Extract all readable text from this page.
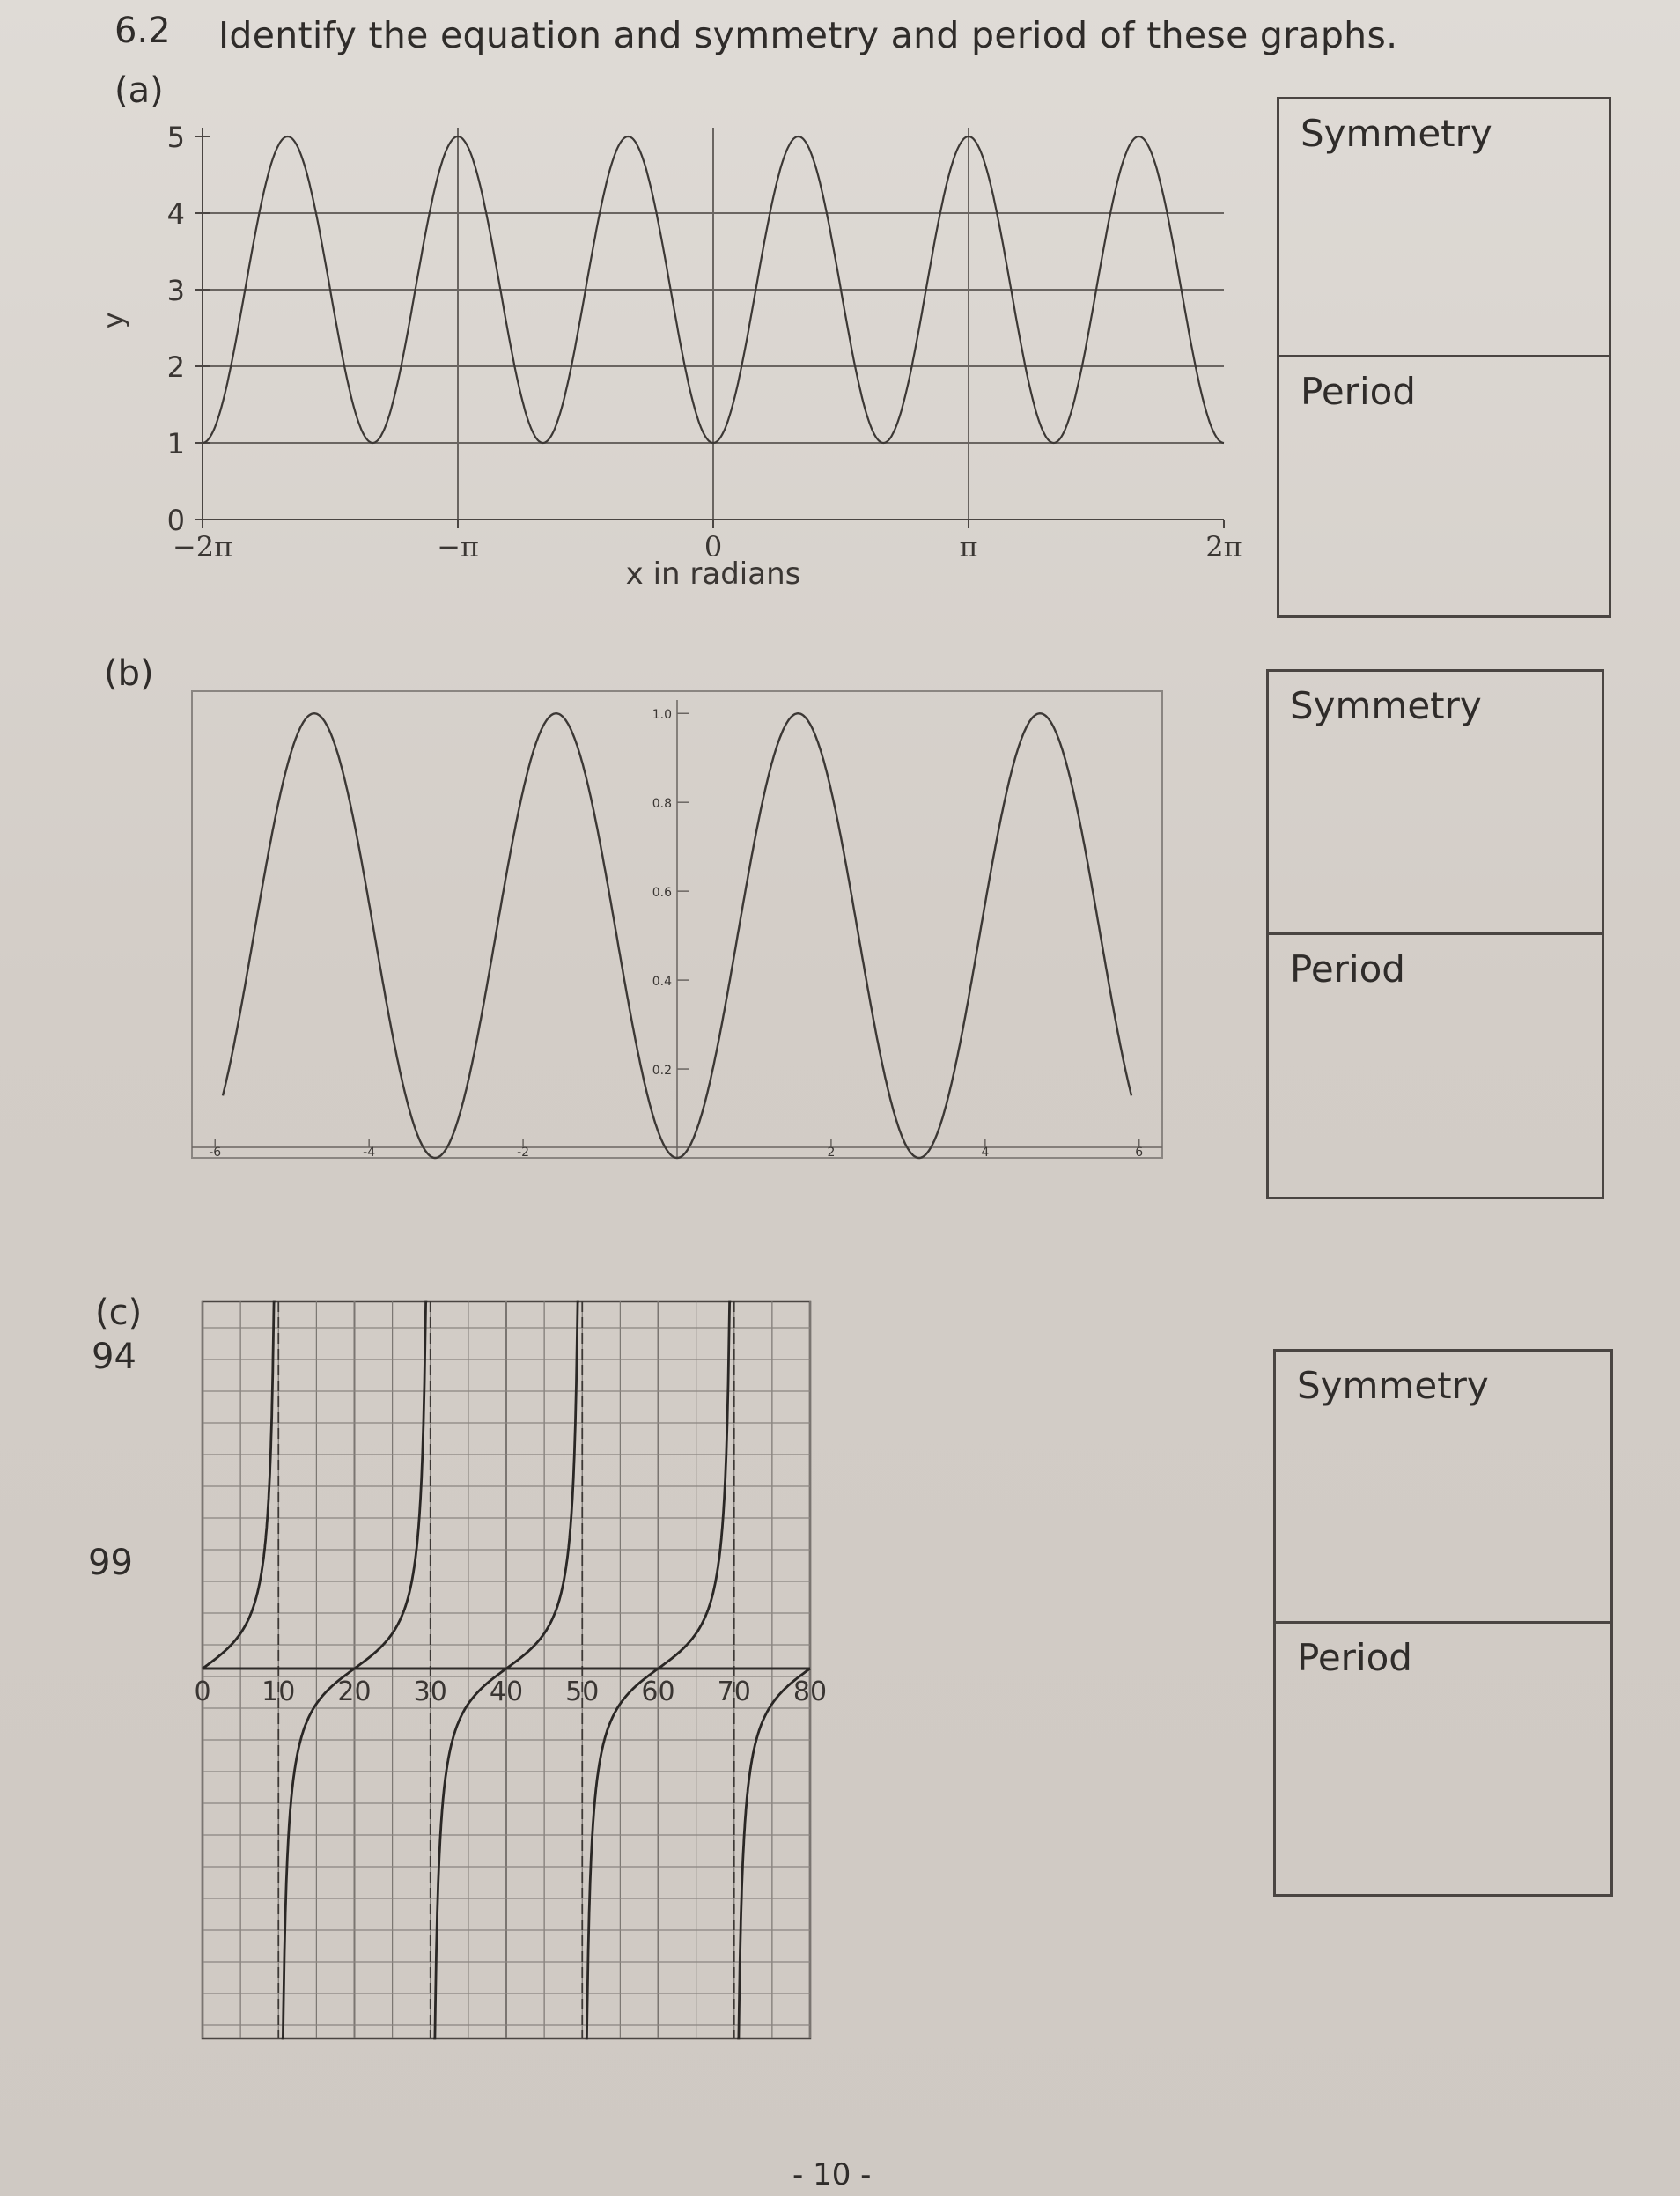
6.2 Identify the equation and symmetry and period of these graphs.
(a)
0
1
2
3
4
5
y
−2π	−π	0	π	2π
x in radians
Symmetry
Period
(b)
1.0
0.8
0.6
0.4
0.2
-6	-4	-2	2	4	6
Symmetry
Period
(c)
94
99
0 10 20 30 40 50 60 70 80
Symmetry
Period
- 10 -
